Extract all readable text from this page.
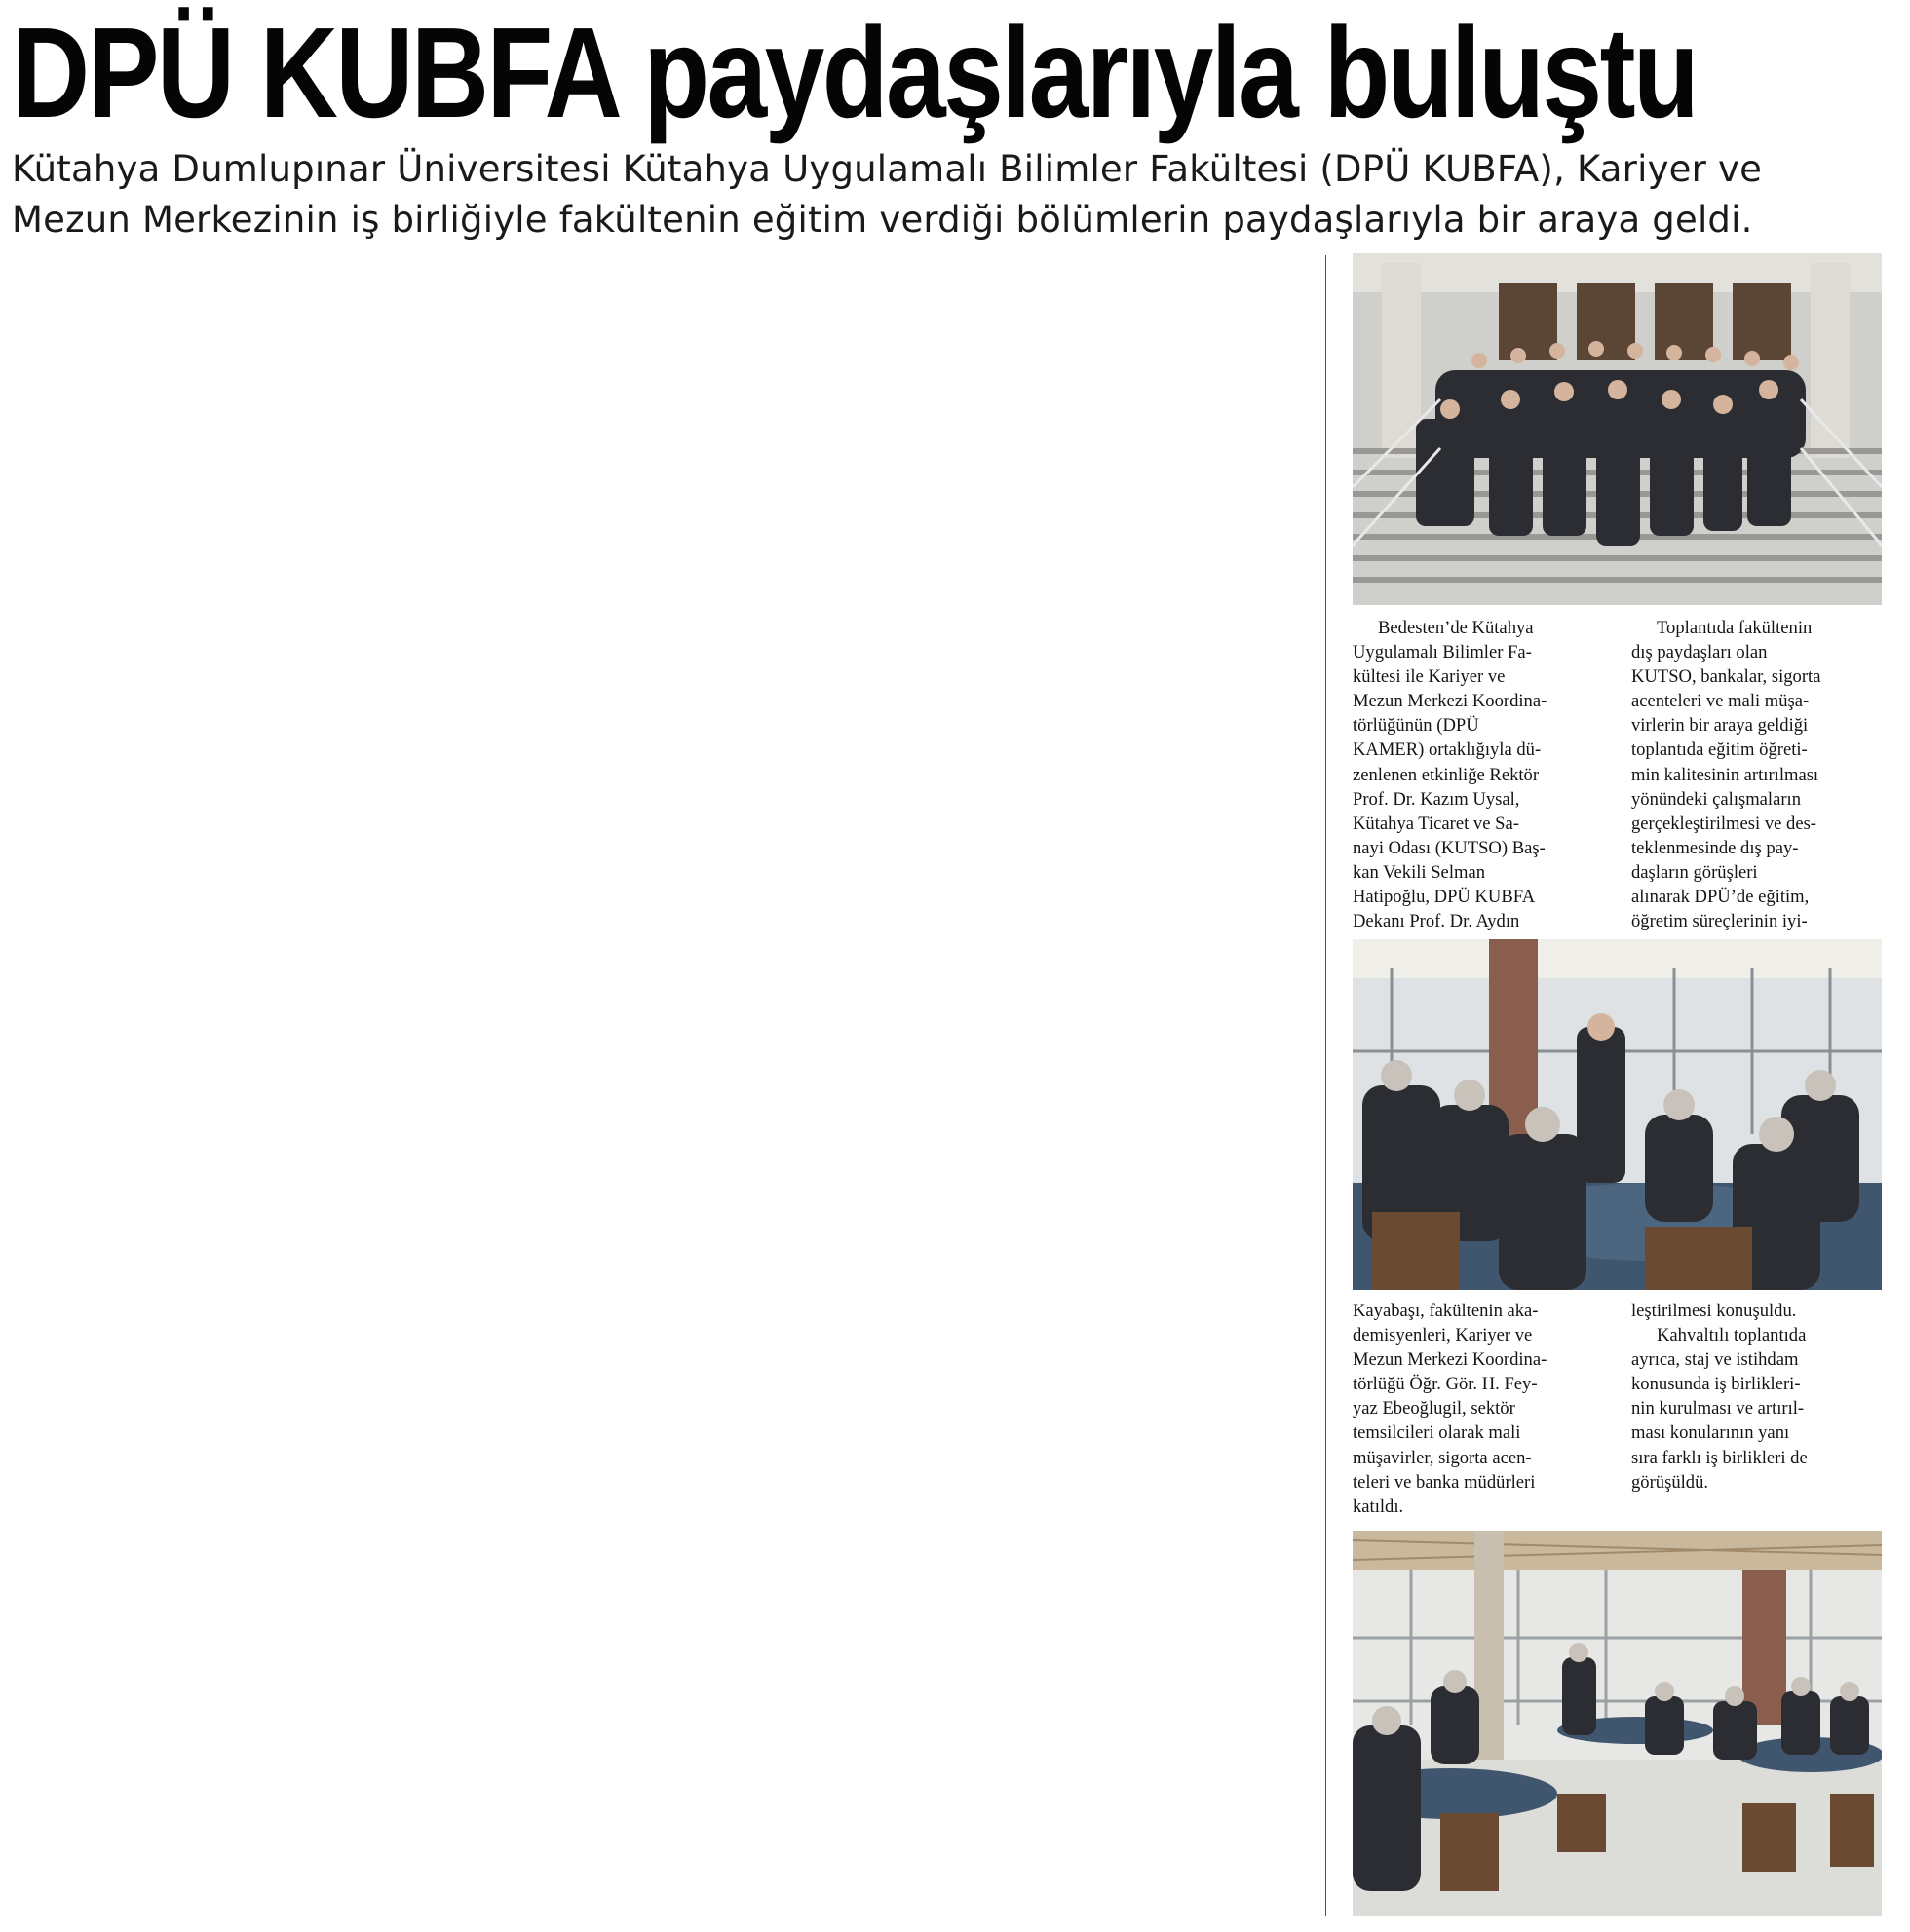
DPÜ KUBFA paydaşlarıyla buluştu

Kütahya Dumlupınar Üniversitesi Kütahya Uygulamalı Bilimler Fakültesi (DPÜ KUBFA), Kariyer ve
Mezun Merkezinin iş birliğiyle fakültenin eğitim verdiği bölümlerin paydaşlarıyla bir araya geldi.

Bedesten’de Kütahya
Uygulamalı Bilimler Fa-
kültesi ile Kariyer ve
Mezun Merkezi Koordina-
törlüğünün (DPÜ
KAMER) ortaklığıyla dü-
zenlenen etkinliğe Rektör
Prof. Dr. Kazım Uysal,
Kütahya Ticaret ve Sa-
nayi Odası (KUTSO) Baş-
kan Vekili Selman
Hatipoğlu, DPÜ KUBFA
Dekanı Prof. Dr. Aydın

Toplantıda fakültenin
dış paydaşları olan
KUTSO, bankalar, sigorta
acenteleri ve mali müşa-
virlerin bir araya geldiği
toplantıda eğitim öğreti-
min kalitesinin artırılması
yönündeki çalışmaların
gerçekleştirilmesi ve des-
teklenmesinde dış pay-
daşların görüşleri
alınarak DPÜ’de eğitim,
öğretim süreçlerinin iyi-

Kayabaşı, fakültenin aka-
demisyenleri, Kariyer ve
Mezun Merkezi Koordina-
törlüğü Öğr. Gör. H. Fey-
yaz Ebeoğlugil, sektör
temsilcileri olarak mali
müşavirler, sigorta acen-
teleri ve banka müdürleri
katıldı.

leştirilmesi konuşuldu.
Kahvaltılı toplantıda
ayrıca, staj ve istihdam
konusunda iş birlikleri-
nin kurulması ve artırıl-
ması konularının yanı
sıra farklı iş birlikleri de
görüşüldü.
